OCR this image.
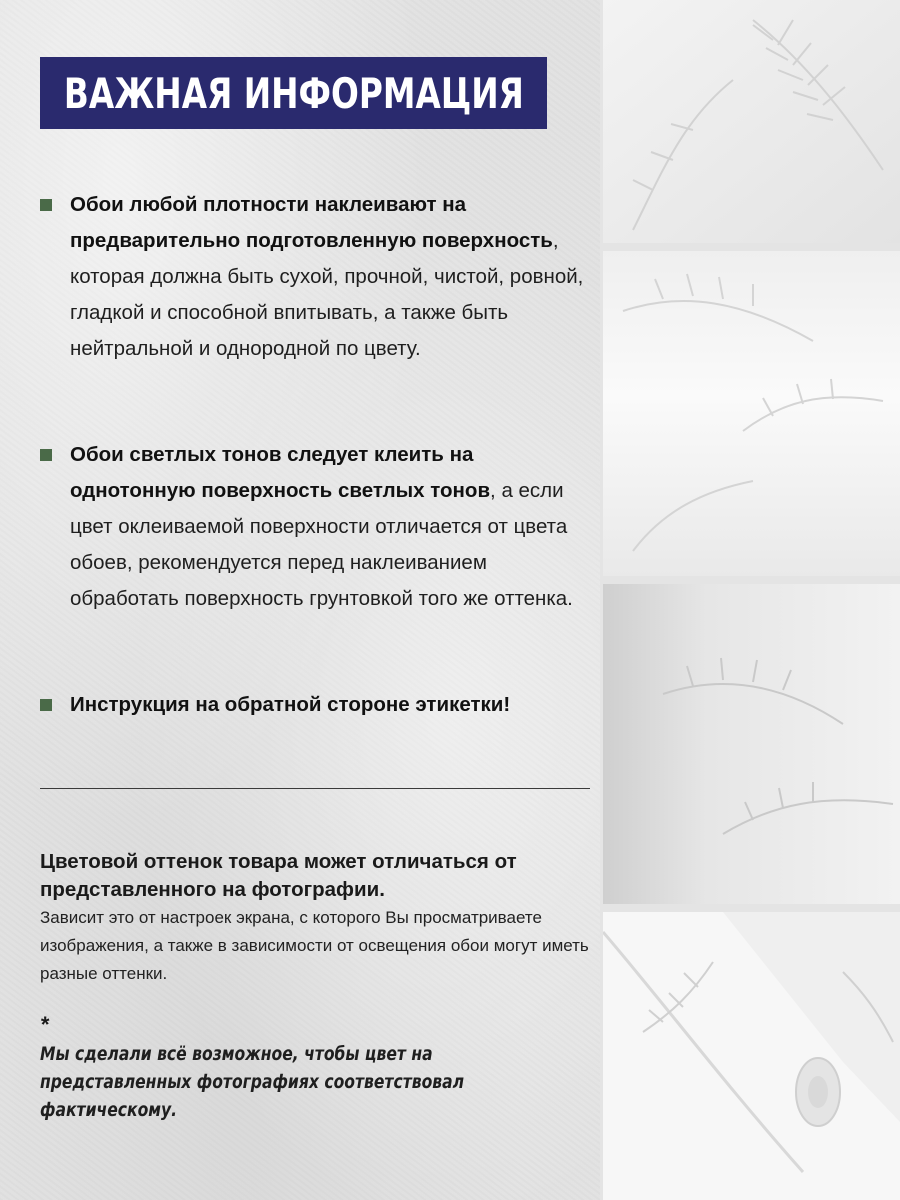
ВАЖНАЯ ИНФОРМАЦИЯ
Обои любой плотности наклеивают на предварительно подготовленную поверхность, которая должна быть сухой, прочной, чистой, ровной, гладкой и способной впитывать, а также быть нейтральной и однородной по цвету.
Обои светлых тонов следует клеить на однотонную поверхность светлых тонов, а если цвет оклеиваемой поверхности отличается от цвета обоев, рекомендуется перед наклеиванием обработать поверхность грунтовкой того же оттенка.
Инструкция на обратной стороне этикетки!
Цветовой оттенок товара может отличаться от представленного на фотографии.
Зависит это от настроек экрана, с которого Вы просматриваете изображения, а также в зависимости от освещения обои могут иметь разные оттенки.
*
Мы сделали всё возможное, чтобы цвет на представленных фотографиях соответствовал фактическому.
